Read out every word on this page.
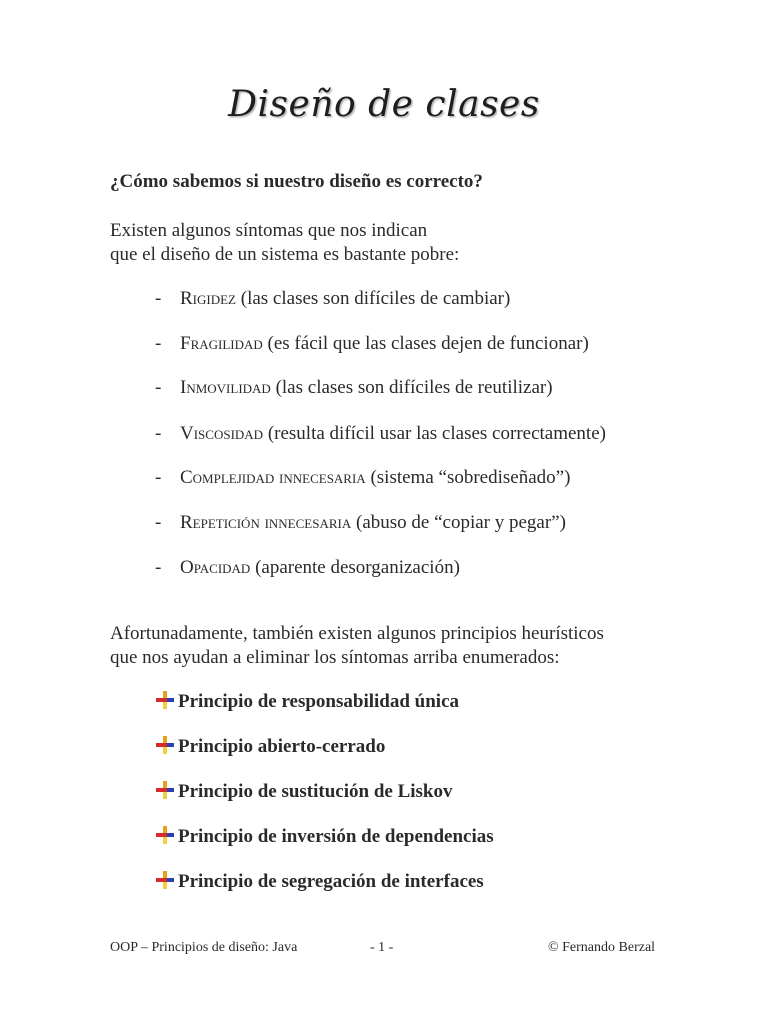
Diseño de clases

¿Cómo sabemos si nuestro diseño es correcto?

Existen algunos síntomas que nos indican
que el diseño de un sistema es bastante pobre:

- Rigidez (las clases son difíciles de cambiar)

- Fragilidad (es fácil que las clases dejen de funcionar)

- Inmovilidad (las clases son difíciles de reutilizar)

- Viscosidad (resulta difícil usar las clases correctamente)

- Complejidad innecesaria (sistema “sobrediseñado”)

- Repetición innecesaria (abuso de “copiar y pegar”)

- Opacidad (aparente desorganización)

Afortunadamente, también existen algunos principios heurísticos
que nos ayudan a eliminar los síntomas arriba enumerados:

Principio de responsabilidad única

Principio abierto-cerrado

Principio de sustitución de Liskov

Principio de inversión de dependencias

Principio de segregación de interfaces

OOP – Principios de diseño: Java	- 1 -	© Fernando Berzal
